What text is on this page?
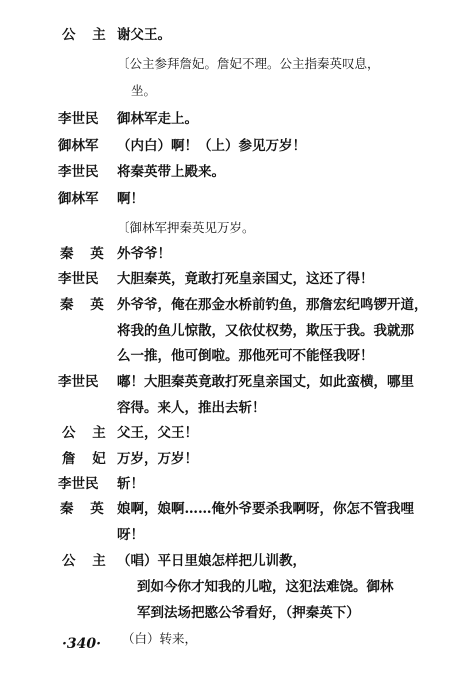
公 主 谢父王。
〔公主参拜詹妃。詹妃不理。公主指秦英叹息，
坐。
李世民 御林军走上。
御林军 （内白）啊！（上）参见万岁！
李世民 将秦英带上殿来。
御林军 啊！
〔御林军押秦英见万岁。
秦 英 外爷爷！
李世民 大胆秦英，竟敢打死皇亲国丈，这还了得！
秦 英 外爷爷，俺在那金水桥前钓鱼，那詹宏纪鸣锣开道，
将我的鱼儿惊散，又依仗权势，欺压于我。我就那
么一推，他可倒啦。那他死可不能怪我呀！
李世民 嘟！大胆秦英竟敢打死皇亲国丈，如此蛮横，哪里
容得。来人，推出去斩！
公 主 父王，父王！
詹 妃 万岁，万岁！
李世民 斩！
秦 英 娘啊，娘啊……俺外爷要杀我啊呀，你怎不管我哩
呀！
公 主 （唱）平日里娘怎样把儿训教，
到如今你才知我的儿啦，这犯法难饶。御林
军到法场把愍公爷看好，（押秦英下）
（白）转来，
·340·
